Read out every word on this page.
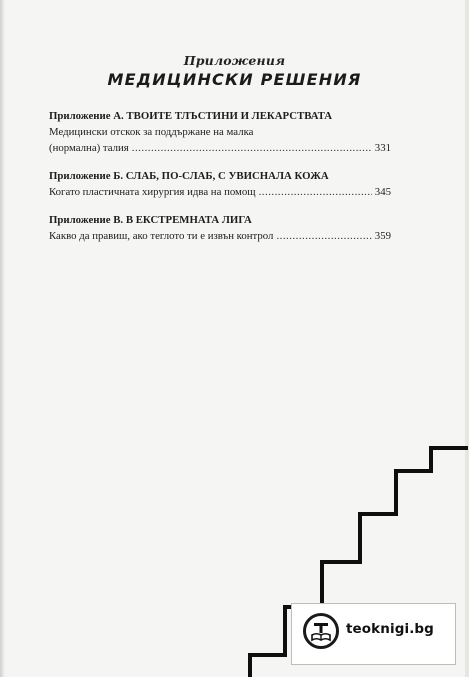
Приложения
МЕДИЦИНСКИ РЕШЕНИЯ
Приложение А. ТВОИТЕ ТЛЪСТИНИ И ЛЕКАРСТВАТА
Медицински отскок за поддържане на малка
(нормална) талия .....	331
Приложение Б. СЛАБ, ПО-СЛАБ, С УВИСНАЛА КОЖА
Когато пластичната хирургия идва на помощ .....	345
Приложение В. В ЕКСТРЕМНАТА ЛИГА
Какво да правиш, ако теглото ти е извън контрол .....	359
teoknigi.bg
